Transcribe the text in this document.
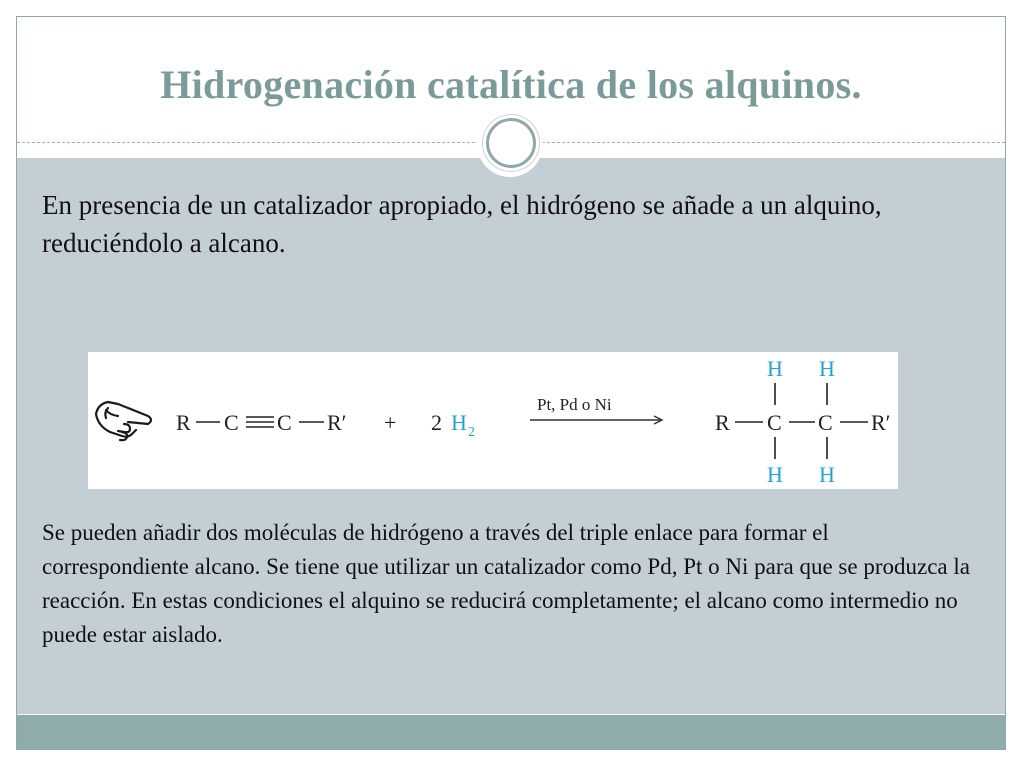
Hidrogenación catalítica de los alquinos.

En presencia de un catalizador apropiado, el hidrógeno se añade a un alquino, reduciéndolo a alcano.

R C C R′ + 2 H 2
Pt, Pd o Ni
R C C R′
H H
H H

Se pueden añadir dos moléculas de hidrógeno a través del triple enlace para formar el correspondiente alcano. Se tiene que utilizar un catalizador como Pd, Pt o Ni para que se produzca la reacción. En estas condiciones el alquino se reducirá completamente; el alcano como intermedio no puede estar aislado.
